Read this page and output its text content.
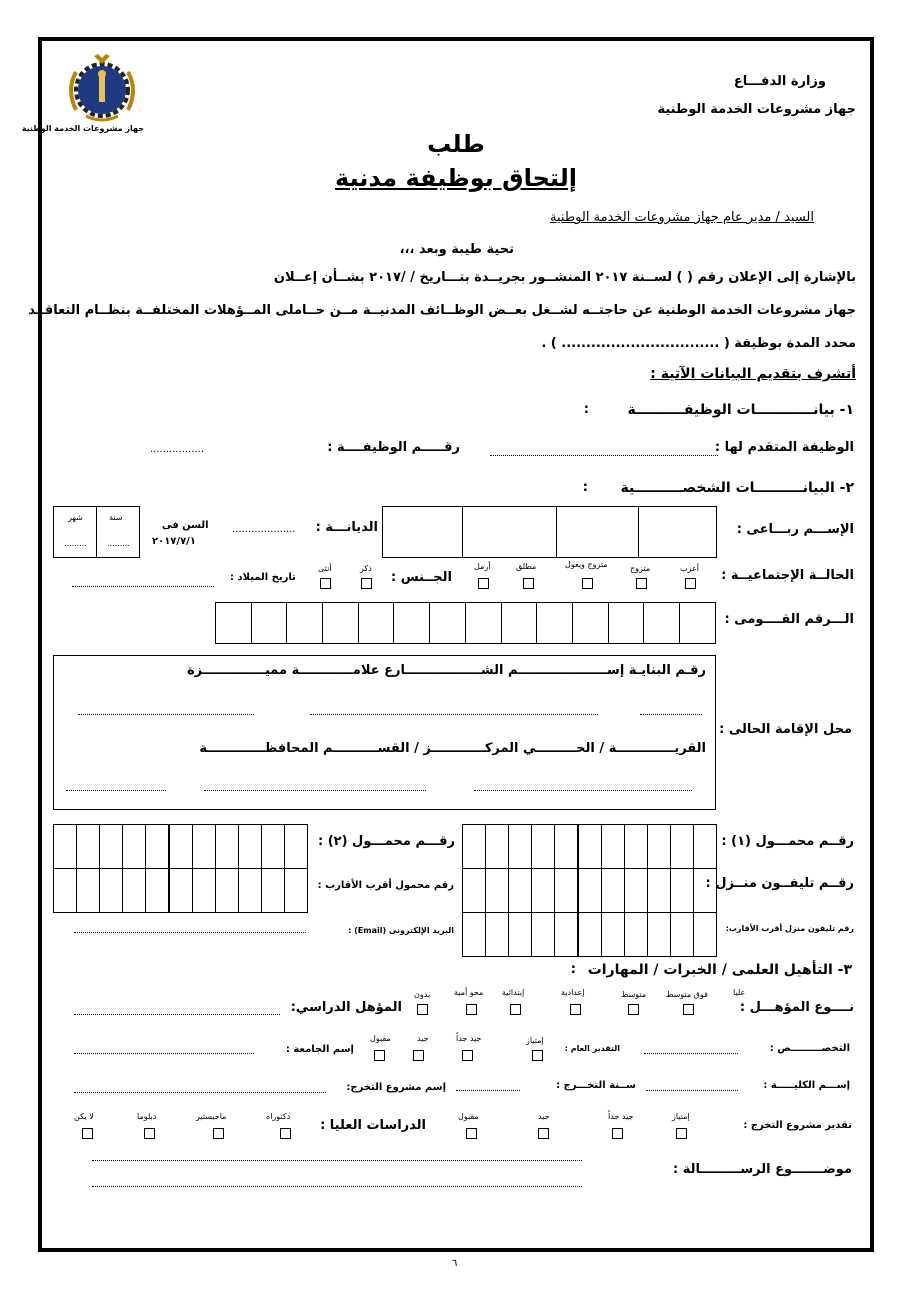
جهاز مشروعات الخدمة الوطنية
وزارة الدفـــاع
جهاز مشروعات الخدمة الوطنية
طلب
إلتحاق بوظيفة مدنية
السيد / مدير عام جهاز مشروعات الخدمة الوطنية
تحية طيبة وبعد ،،،
بالإشارة إلى الإعلان رقم ( ) لســنة ٢٠١٧ المنشــور بجريــدة بتـــاريخ / /٢٠١٧ بشــأن إعــلان
جهاز مشروعات الخدمة الوطنية عن حاجتــه لشــغل بعــض الوظــائف المدنيــة مــن حــاملى المــؤهلات المختلفــة بنظــام التعاقــد
محدد المدة بوظيفة ( ................................ ) .
أتشرف بتقديم البيانات الآتية :
١- بيانــــــــــــات الوظيفــــــــــة
:
الوظيفة المتقدم لها :
رقـــــم الوظيفــــة :
.................
٢- البيانــــــــــات الشخصــــــــــية
:
الإســـم ربـــاعى :
الديانـــة :
....................
السن فى
٢٠١٧/٧/١
شهر
.........
سنة
.........
الحالــة الإجتماعيــة :
أعزب
متزوج
متزوج ويعول
مطلق
أرمل
الجــنس :
ذكر
أنثى
تاريخ الميلاد :
الـــرقم القــــومى :
محل الإقامة الحالى :
رقـم البنايـة إســــــــــــــــــــم الشـــــــــــــــــارع علامــــــــــــة مميــــــــــــــزة
القريـــــــــــــة / الحـــــــــي المركــــــــــــز / القســــــــــم المحافظـــــــــــــة
رقــم محمـــول (١) :
رقــم تليفــون منــزل :
رقم تليفون منزل أقرب الأقارب:
رقـــم محمـــول (٢) :
رقم محمول أقرب الأقارب :
البريد الإلكترونى (Email) :
٣- التأهيل العلمى / الخبرات / المهارات
:
نــــوع المؤهـــل :
عليا
فوق متوسط
متوسط
إعدادية
إبتدائية
محو أمية
بدون
المؤهل الدراسي:
التخصـــــــــص :
التقدير العام :
إمتياز
جيد جداً
جيد
مقبول
إسم الجامعة :
إســـم الكليـــــة :
ســنة التخـــرج :
إسم مشروع التخرج:
تقدير مشروع التخرج :
إمتياز
جيد جداً
جيد
مقبول
الدراسات العليا :
دكتوراه
ماجيستير
دبلوما
لا يكن
موضـــــــوع الرســـــــــالة :
٦
